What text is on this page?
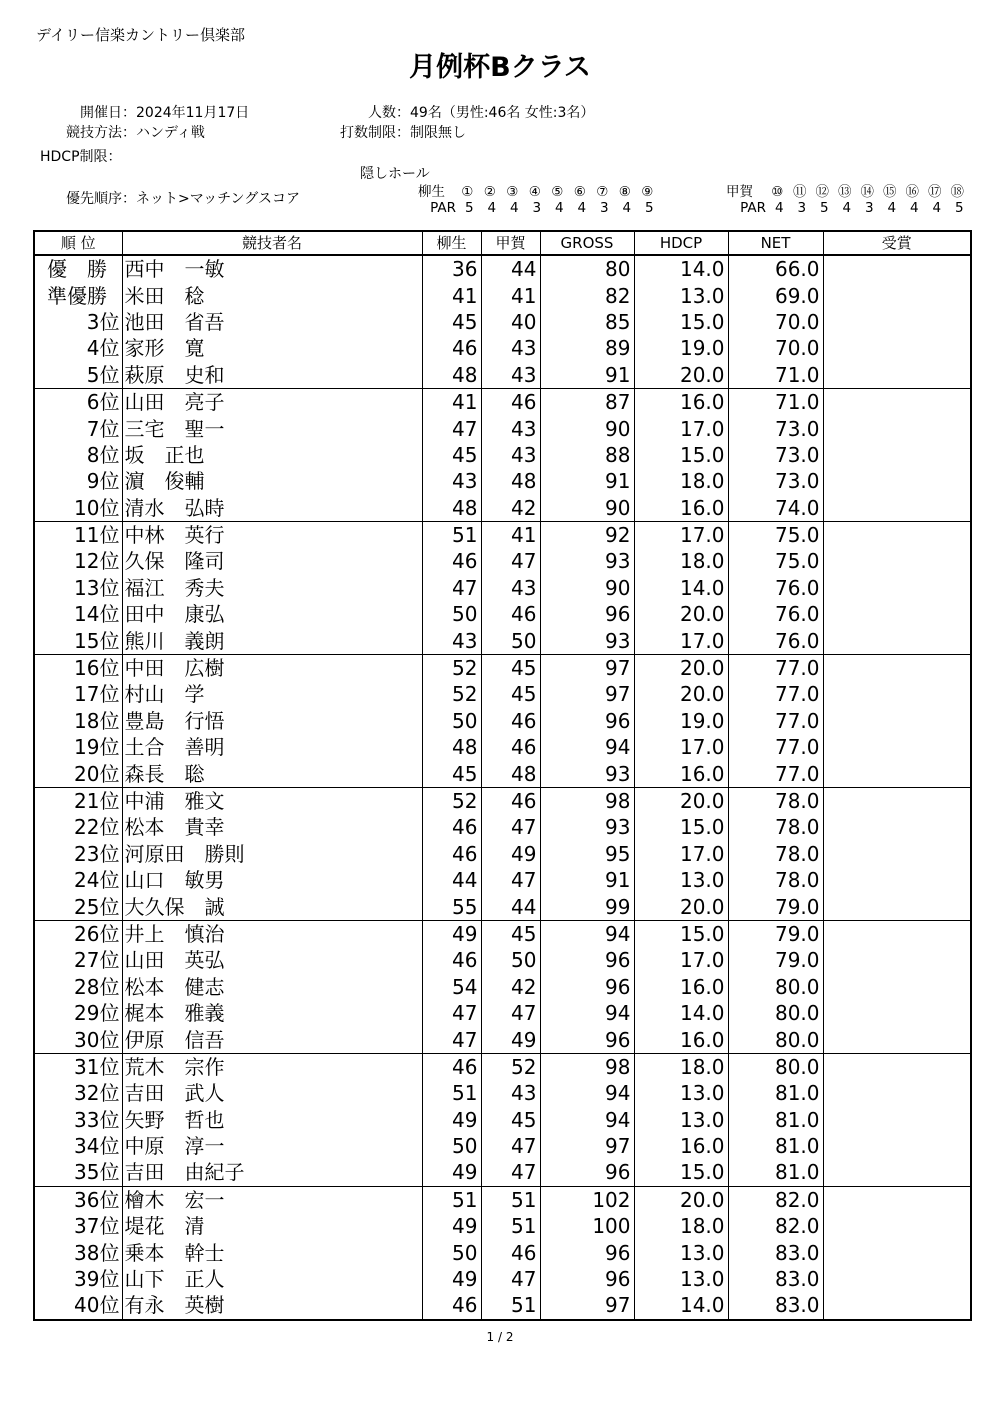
デイリー信楽カントリー倶楽部
月例杯Bクラス
開催日：2024年11月17日
競技方法：ハンディ戦
HDCP制限：
人数：49名（男性:46名 女性:3名）
打数制限：制限無し
優先順序：ネット>マッチングスコア
隠しホール
柳生 ① ② ③ ④ ⑤ ⑥ ⑦ ⑧ ⑨
PAR 5 4 4 3 4 4 3 4 5
甲賀 ⑩ ⑪ ⑫ ⑬ ⑭ ⑮ ⑯ ⑰ ⑱
PAR 4 3 5 4 3 4 4 4 5
順 位	競技者名	柳生	甲賀	GROSS	HDCP	NET	受賞
優　勝	西中　一敏	36	44	80	14.0	66.0	
準優勝	米田　稔	41	41	82	13.0	69.0	
3位	池田　省吾	45	40	85	15.0	70.0	
4位	家形　寛	46	43	89	19.0	70.0	
5位	萩原　史和	48	43	91	20.0	71.0	
6位	山田　亮子	41	46	87	16.0	71.0	
7位	三宅　聖一	47	43	90	17.0	73.0	
8位	坂　正也	45	43	88	15.0	73.0	
9位	濵　俊輔	43	48	91	18.0	73.0	
10位	清水　弘時	48	42	90	16.0	74.0	
11位	中林　英行	51	41	92	17.0	75.0	
12位	久保　隆司	46	47	93	18.0	75.0	
13位	福江　秀夫	47	43	90	14.0	76.0	
14位	田中　康弘	50	46	96	20.0	76.0	
15位	熊川　義朗	43	50	93	17.0	76.0	
16位	中田　広樹	52	45	97	20.0	77.0	
17位	村山　学	52	45	97	20.0	77.0	
18位	豊島　行悟	50	46	96	19.0	77.0	
19位	土合　善明	48	46	94	17.0	77.0	
20位	森長　聡	45	48	93	16.0	77.0	
21位	中浦　雅文	52	46	98	20.0	78.0	
22位	松本　貴幸	46	47	93	15.0	78.0	
23位	河原田　勝則	46	49	95	17.0	78.0	
24位	山口　敏男	44	47	91	13.0	78.0	
25位	大久保　誠	55	44	99	20.0	79.0	
26位	井上　慎治	49	45	94	15.0	79.0	
27位	山田　英弘	46	50	96	17.0	79.0	
28位	松本　健志	54	42	96	16.0	80.0	
29位	梶本　雅義	47	47	94	14.0	80.0	
30位	伊原　信吾	47	49	96	16.0	80.0	
31位	荒木　宗作	46	52	98	18.0	80.0	
32位	吉田　武人	51	43	94	13.0	81.0	
33位	矢野　哲也	49	45	94	13.0	81.0	
34位	中原　淳一	50	47	97	16.0	81.0	
35位	吉田　由紀子	49	47	96	15.0	81.0	
36位	檜木　宏一	51	51	102	20.0	82.0	
37位	堤花　清	49	51	100	18.0	82.0	
38位	乗本　幹士	50	46	96	13.0	83.0	
39位	山下　正人	49	47	96	13.0	83.0	
40位	有永　英樹	46	51	97	14.0	83.0	
1 / 2
